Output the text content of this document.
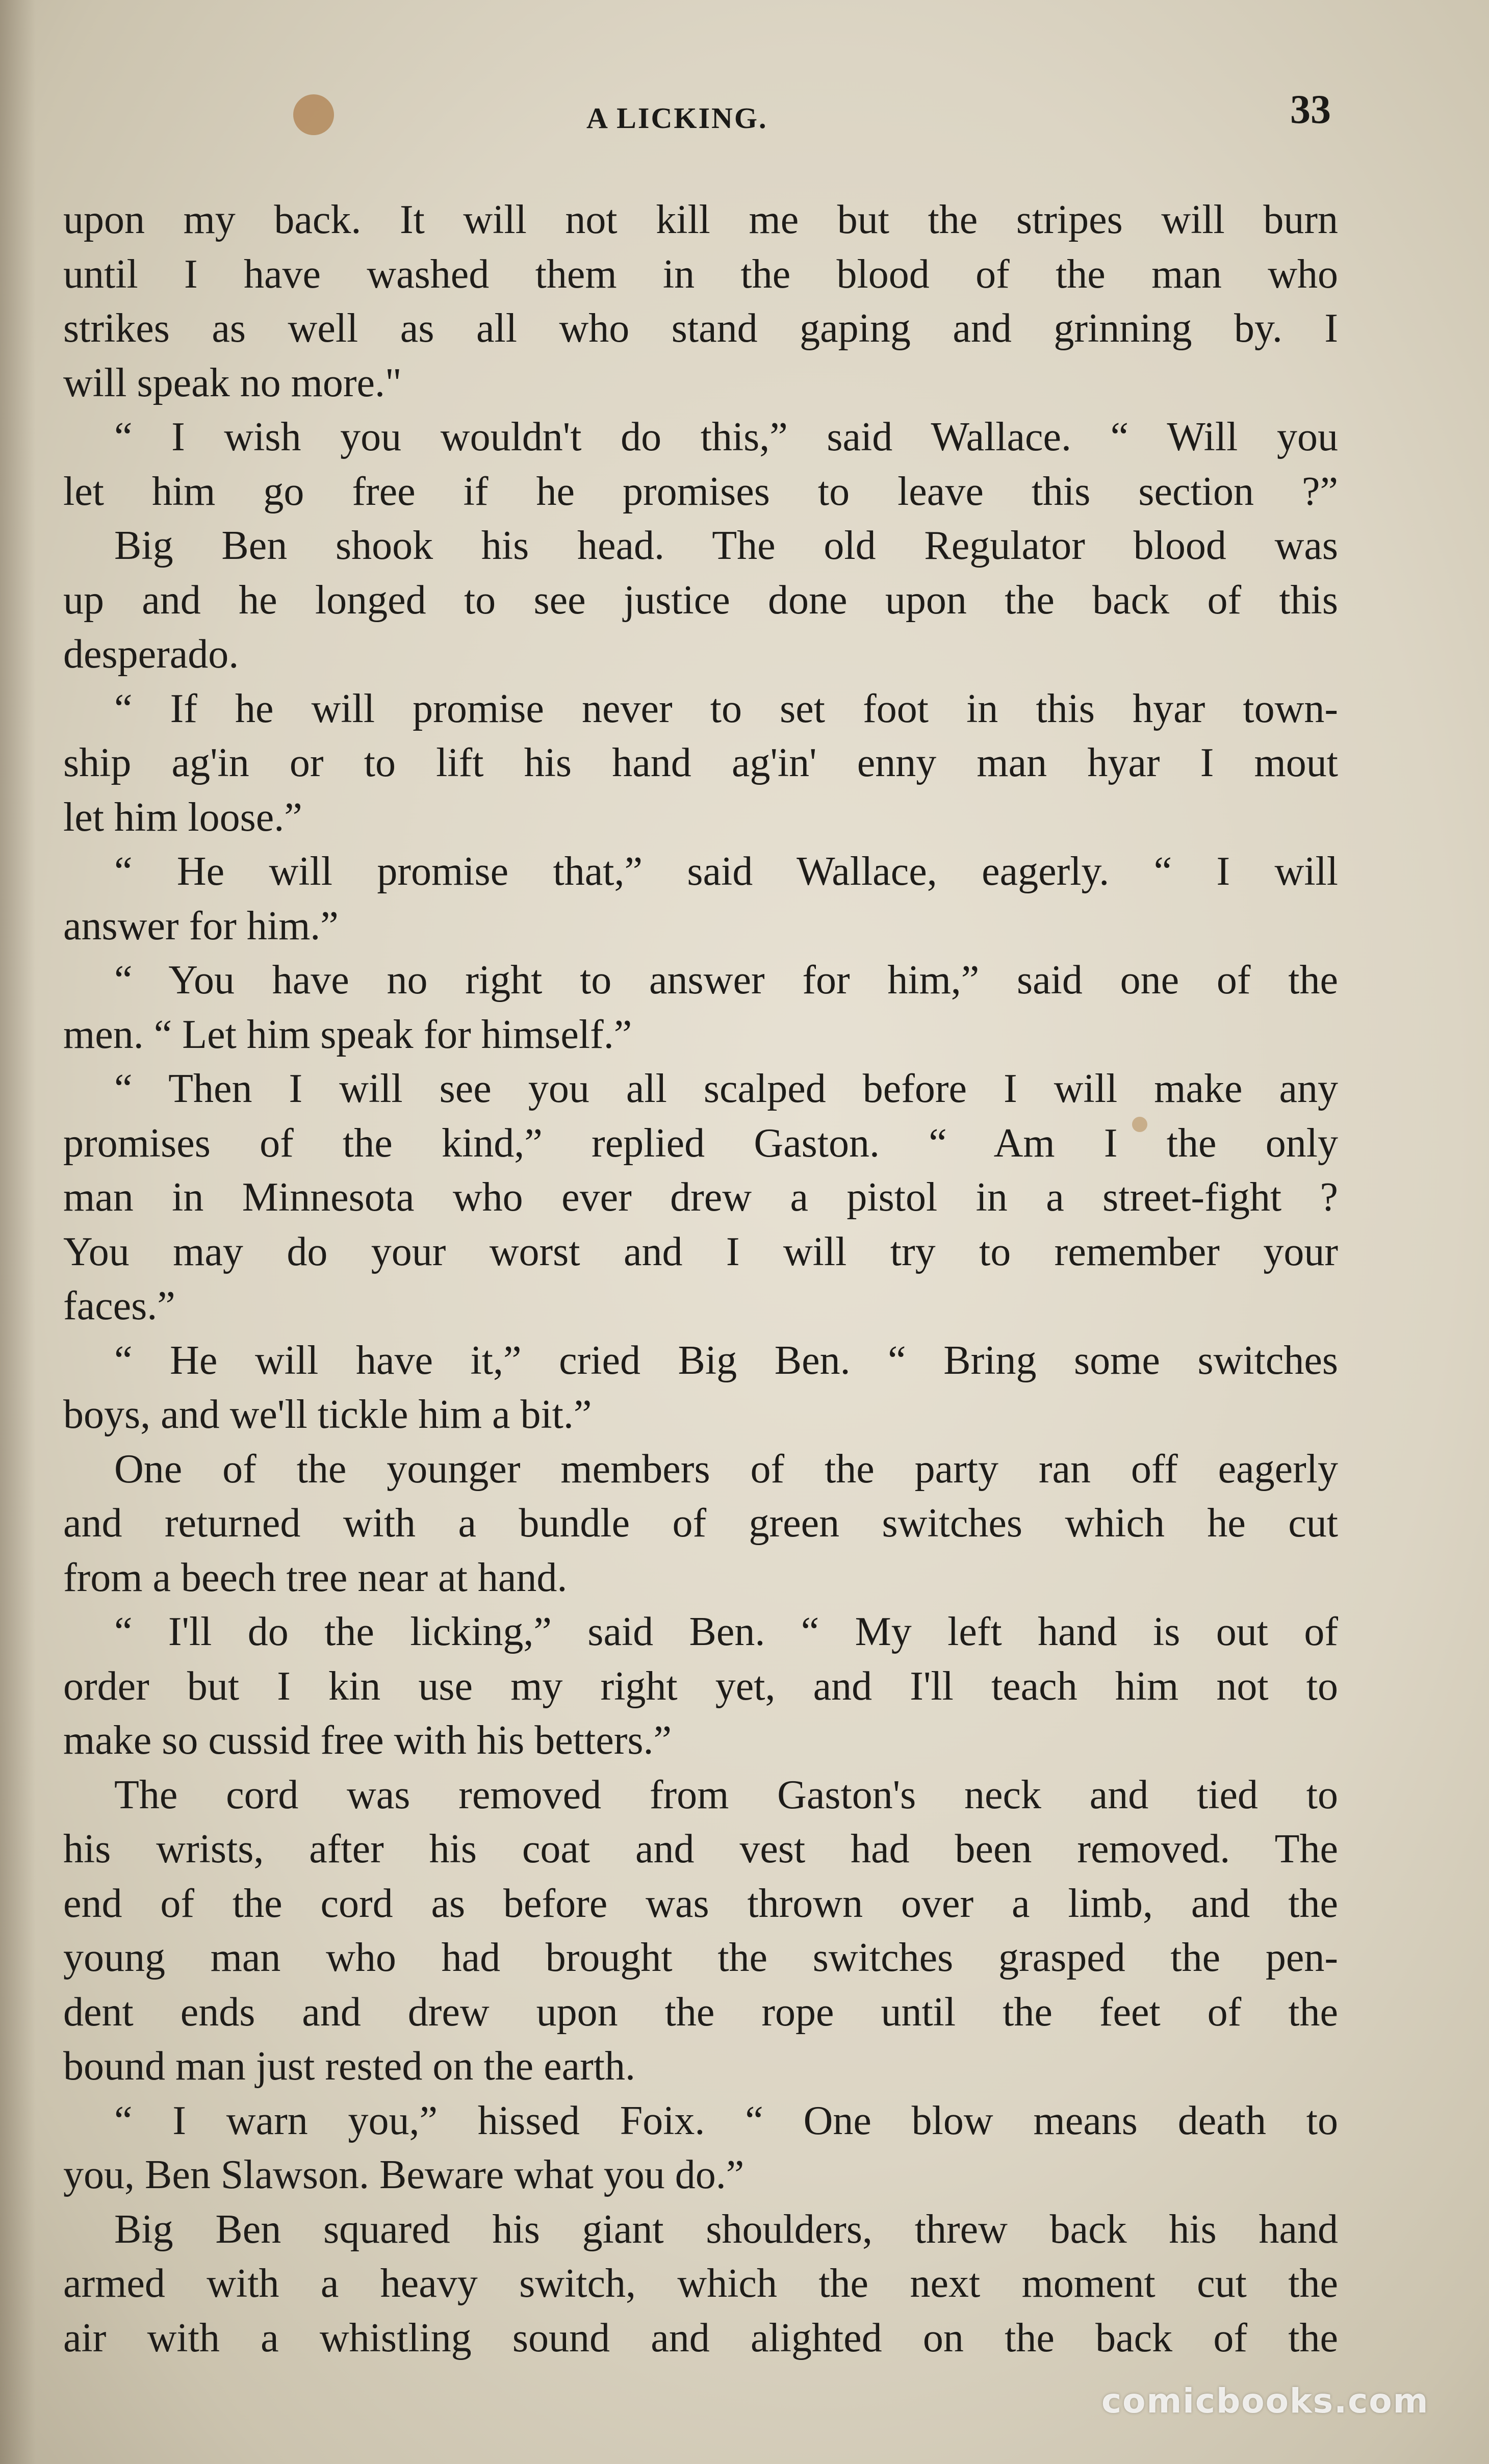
A LICKING.	33
upon my back. It will not kill me but the stripes will burn
until I have washed them in the blood of the man who
strikes as well as all who stand gaping and grinning by. I
will speak no more."
“ I wish you wouldn't do this,” said Wallace. “ Will you
let him go free if he promises to leave this section ?”
Big Ben shook his head. The old Regulator blood was
up and he longed to see justice done upon the back of this
desperado.
“ If he will promise never to set foot in this hyar town-
ship ag'in or to lift his hand ag'in' enny man hyar I mout
let him loose.”
“ He will promise that,” said Wallace, eagerly. “ I will
answer for him.”
“ You have no right to answer for him,” said one of the
men. “ Let him speak for himself.”
“ Then I will see you all scalped before I will make any
promises of the kind,” replied Gaston. “ Am I the only
man in Minnesota who ever drew a pistol in a street-fight ?
You may do your worst and I will try to remember your
faces.”
“ He will have it,” cried Big Ben. “ Bring some switches
boys, and we'll tickle him a bit.”
One of the younger members of the party ran off eagerly
and returned with a bundle of green switches which he cut
from a beech tree near at hand.
“ I'll do the licking,” said Ben. “ My left hand is out of
order but I kin use my right yet, and I'll teach him not to
make so cussid free with his betters.”
The cord was removed from Gaston's neck and tied to
his wrists, after his coat and vest had been removed. The
end of the cord as before was thrown over a limb, and the
young man who had brought the switches grasped the pen-
dent ends and drew upon the rope until the feet of the
bound man just rested on the earth.
“ I warn you,” hissed Foix. “ One blow means death to
you, Ben Slawson. Beware what you do.”
Big Ben squared his giant shoulders, threw back his hand
armed with a heavy switch, which the next moment cut the
air with a whistling sound and alighted on the back of the
comicbooks.com
